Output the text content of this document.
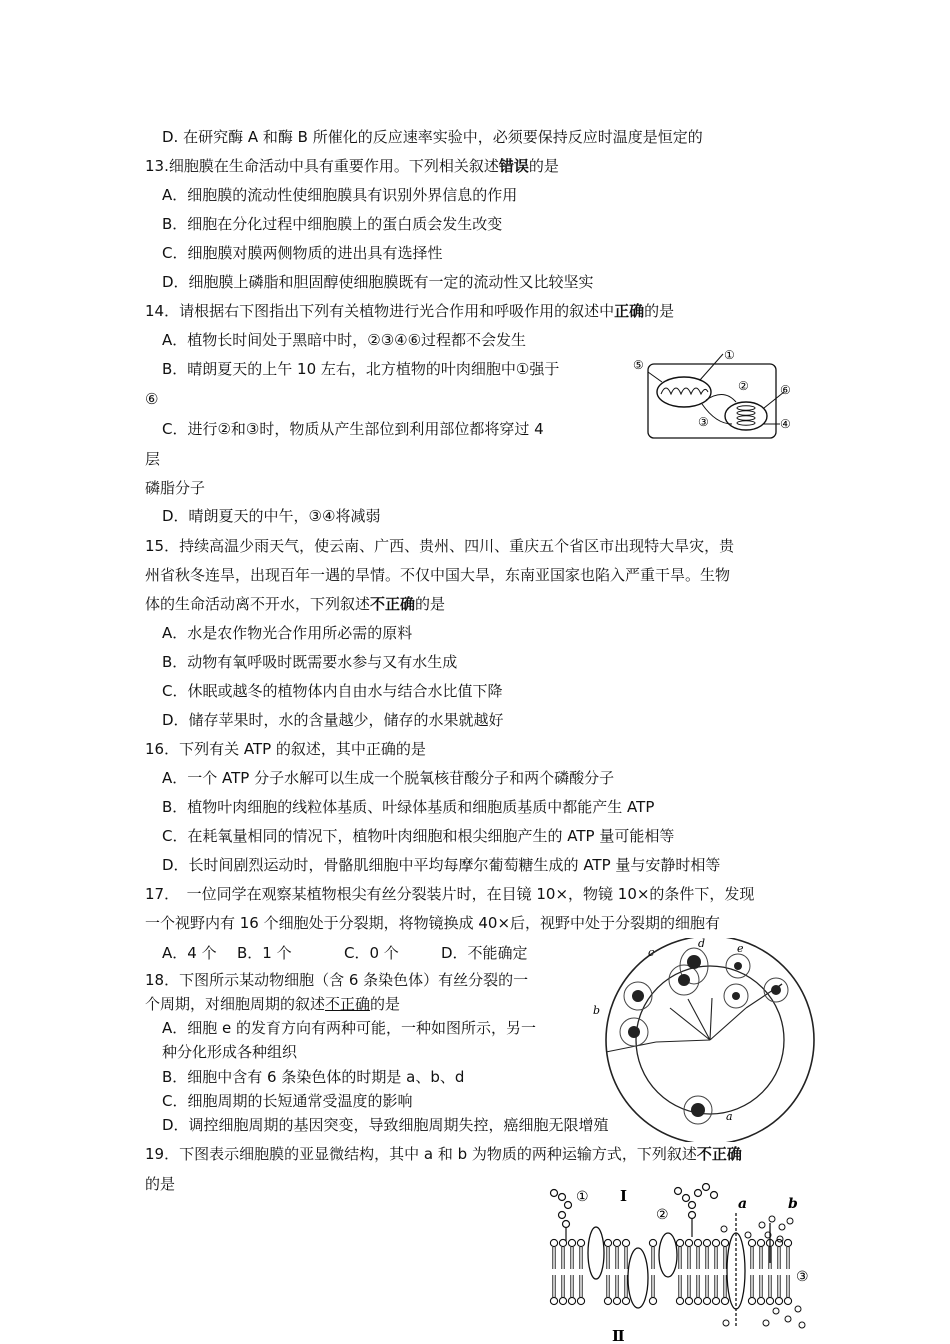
D. 在研究酶 A 和酶 B 所催化的反应速率实验中，必须要保持反应时温度是恒定的
13.细胞膜在生命活动中具有重要作用。下列相关叙述错误的是
A．细胞膜的流动性使细胞膜具有识别外界信息的作用
B．细胞在分化过程中细胞膜上的蛋白质会发生改变
C．细胞膜对膜两侧物质的进出具有选择性
D．细胞膜上磷脂和胆固醇使细胞膜既有一定的流动性又比较坚实
14．请根据右下图指出下列有关植物进行光合作用和呼吸作用的叙述中正确的是
A．植物长时间处于黑暗中时，②③④⑥过程都不会发生
B．晴朗夏天的上午 10 左右，北方植物的叶肉细胞中①强于
⑥
C．进行②和③时，物质从产生部位到利用部位都将穿过 4
层
磷脂分子
D．晴朗夏天的中午，③④将减弱
⑤
①
②
③	④
⑥
15．持续高温少雨天气，使云南、广西、贵州、四川、重庆五个省区市出现特大旱灾，贵
州省秋冬连旱，出现百年一遇的旱情。不仅中国大旱，东南亚国家也陷入严重干旱。生物
体的生命活动离不开水，下列叙述不正确的是
A．水是农作物光合作用所必需的原料
B．动物有氧呼吸时既需要水参与又有水生成
C．休眠或越冬的植物体内自由水与结合水比值下降
D．储存苹果时，水的含量越少，储存的水果就越好
16．下列有关 ATP 的叙述，其中正确的是
A．一个 ATP 分子水解可以生成一个脱氧核苷酸分子和两个磷酸分子
B．植物叶肉细胞的线粒体基质、叶绿体基质和细胞质基质中都能产生 ATP
C．在耗氧量相同的情况下，植物叶肉细胞和根尖细胞产生的 ATP 量可能相等
D．长时间剧烈运动时，骨骼肌细胞中平均每摩尔葡萄糖生成的 ATP 量与安静时相等
17．　一位同学在观察某植物根尖有丝分裂装片时，在目镜 10×，物镜 10×的条件下，发现
一个视野内有 16 个细胞处于分裂期，将物镜换成 40×后，视野中处于分裂期的细胞有
A．4 个 B．1 个	C．0 个	D．不能确定
18．下图所示某动物细胞（含 6 条染色体）有丝分裂的一
个周期，对细胞周期的叙述不正确的是
A．细胞 e 的发育方向有两种可能，一种如图所示，另一
种分化形成各种组织
B．细胞中含有 6 条染色体的时期是 a、b、d
C．细胞周期的长短通常受温度的影响
D．调控细胞周期的基因突变，导致细胞周期失控，癌细胞无限增殖
c
d	e
b
a
19．下图表示细胞膜的亚显微结构，其中 a 和 b 为物质的两种运输方式，下列叙述不正确
的是
① Ⅰ
②
a	b
③
Ⅱ
